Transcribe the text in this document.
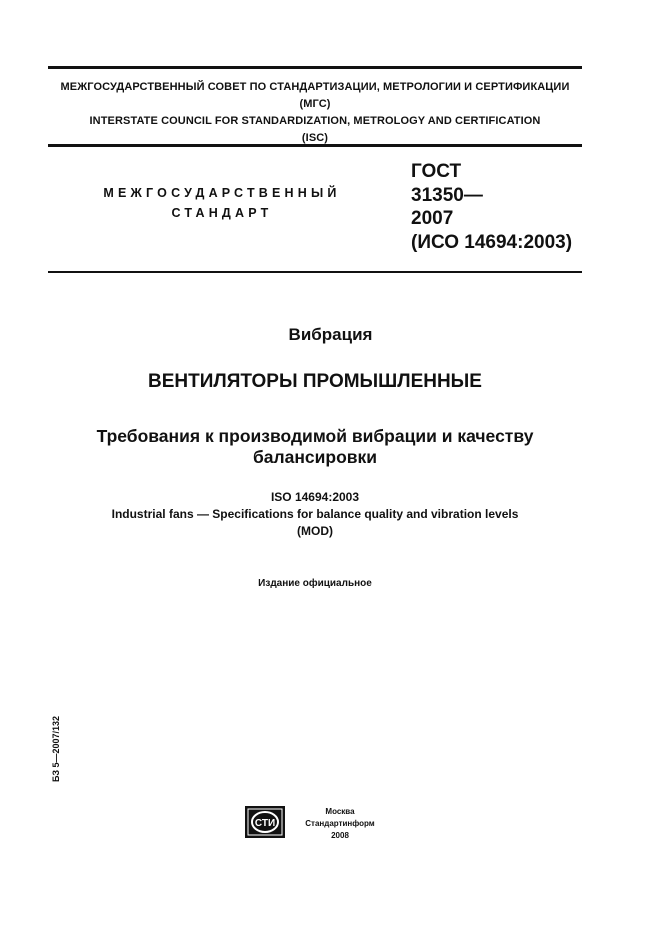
МЕЖГОСУДАРСТВЕННЫЙ СОВЕТ ПО СТАНДАРТИЗАЦИИ, МЕТРОЛОГИИ И СЕРТИФИКАЦИИ
(МГС)
INTERSTATE COUNCIL FOR STANDARDIZATION, METROLOGY AND CERTIFICATION
(ISC)
МЕЖГОСУДАРСТВЕННЫЙ
СТАНДАРТ
ГОСТ
31350—
2007
(ИСО 14694:2003)
Вибрация
ВЕНТИЛЯТОРЫ ПРОМЫШЛЕННЫЕ
Требования к производимой вибрации и качеству
балансировки
ISO 14694:2003
Industrial fans — Specifications for balance quality and vibration levels
(MOD)
Издание официальное
БЗ 5—2007/132
СТИ
Москва
Стандартинформ
2008
